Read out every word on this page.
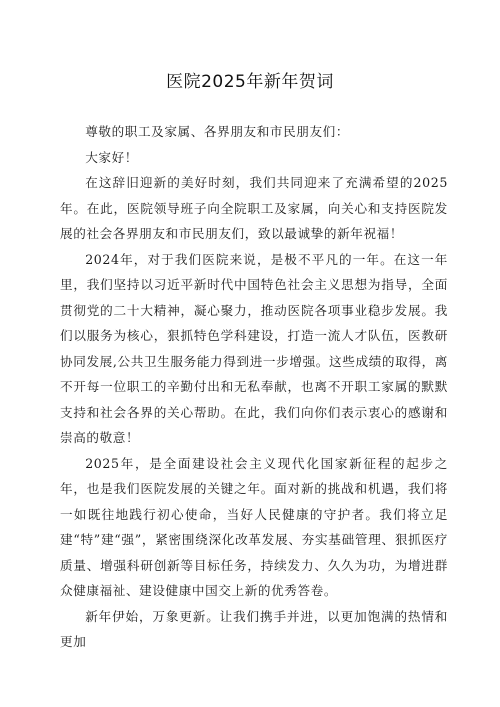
医院2025年新年贺词

尊敬的职工及家属、各界朋友和市民朋友们：

大家好！

在这辞旧迎新的美好时刻，我们共同迎来了充满希望的2025年。在此，医院领导班子向全院职工及家属，向关心和支持医院发展的社会各界朋友和市民朋友们，致以最诚挚的新年祝福！

2024年，对于我们医院来说，是极不平凡的一年。在这一年里，我们坚持以习近平新时代中国特色社会主义思想为指导，全面贯彻党的二十大精神，凝心聚力，推动医院各项事业稳步发展。我们以服务为核心，狠抓特色学科建设，打造一流人才队伍，医教研协同发展,公共卫生服务能力得到进一步增强。这些成绩的取得，离不开每一位职工的辛勤付出和无私奉献，也离不开职工家属的默默支持和社会各界的关心帮助。在此，我们向你们表示衷心的感谢和崇高的敬意！

2025年，是全面建设社会主义现代化国家新征程的起步之年，也是我们医院发展的关键之年。面对新的挑战和机遇，我们将一如既往地践行初心使命，当好人民健康的守护者。我们将立足建“特”建“强”，紧密围绕深化改革发展、夯实基础管理、狠抓医疗质量、增强科研创新等目标任务，持续发力、久久为功，为增进群众健康福祉、建设健康中国交上新的优秀答卷。

新年伊始，万象更新。让我们携手并进，以更加饱满的热情和更加
